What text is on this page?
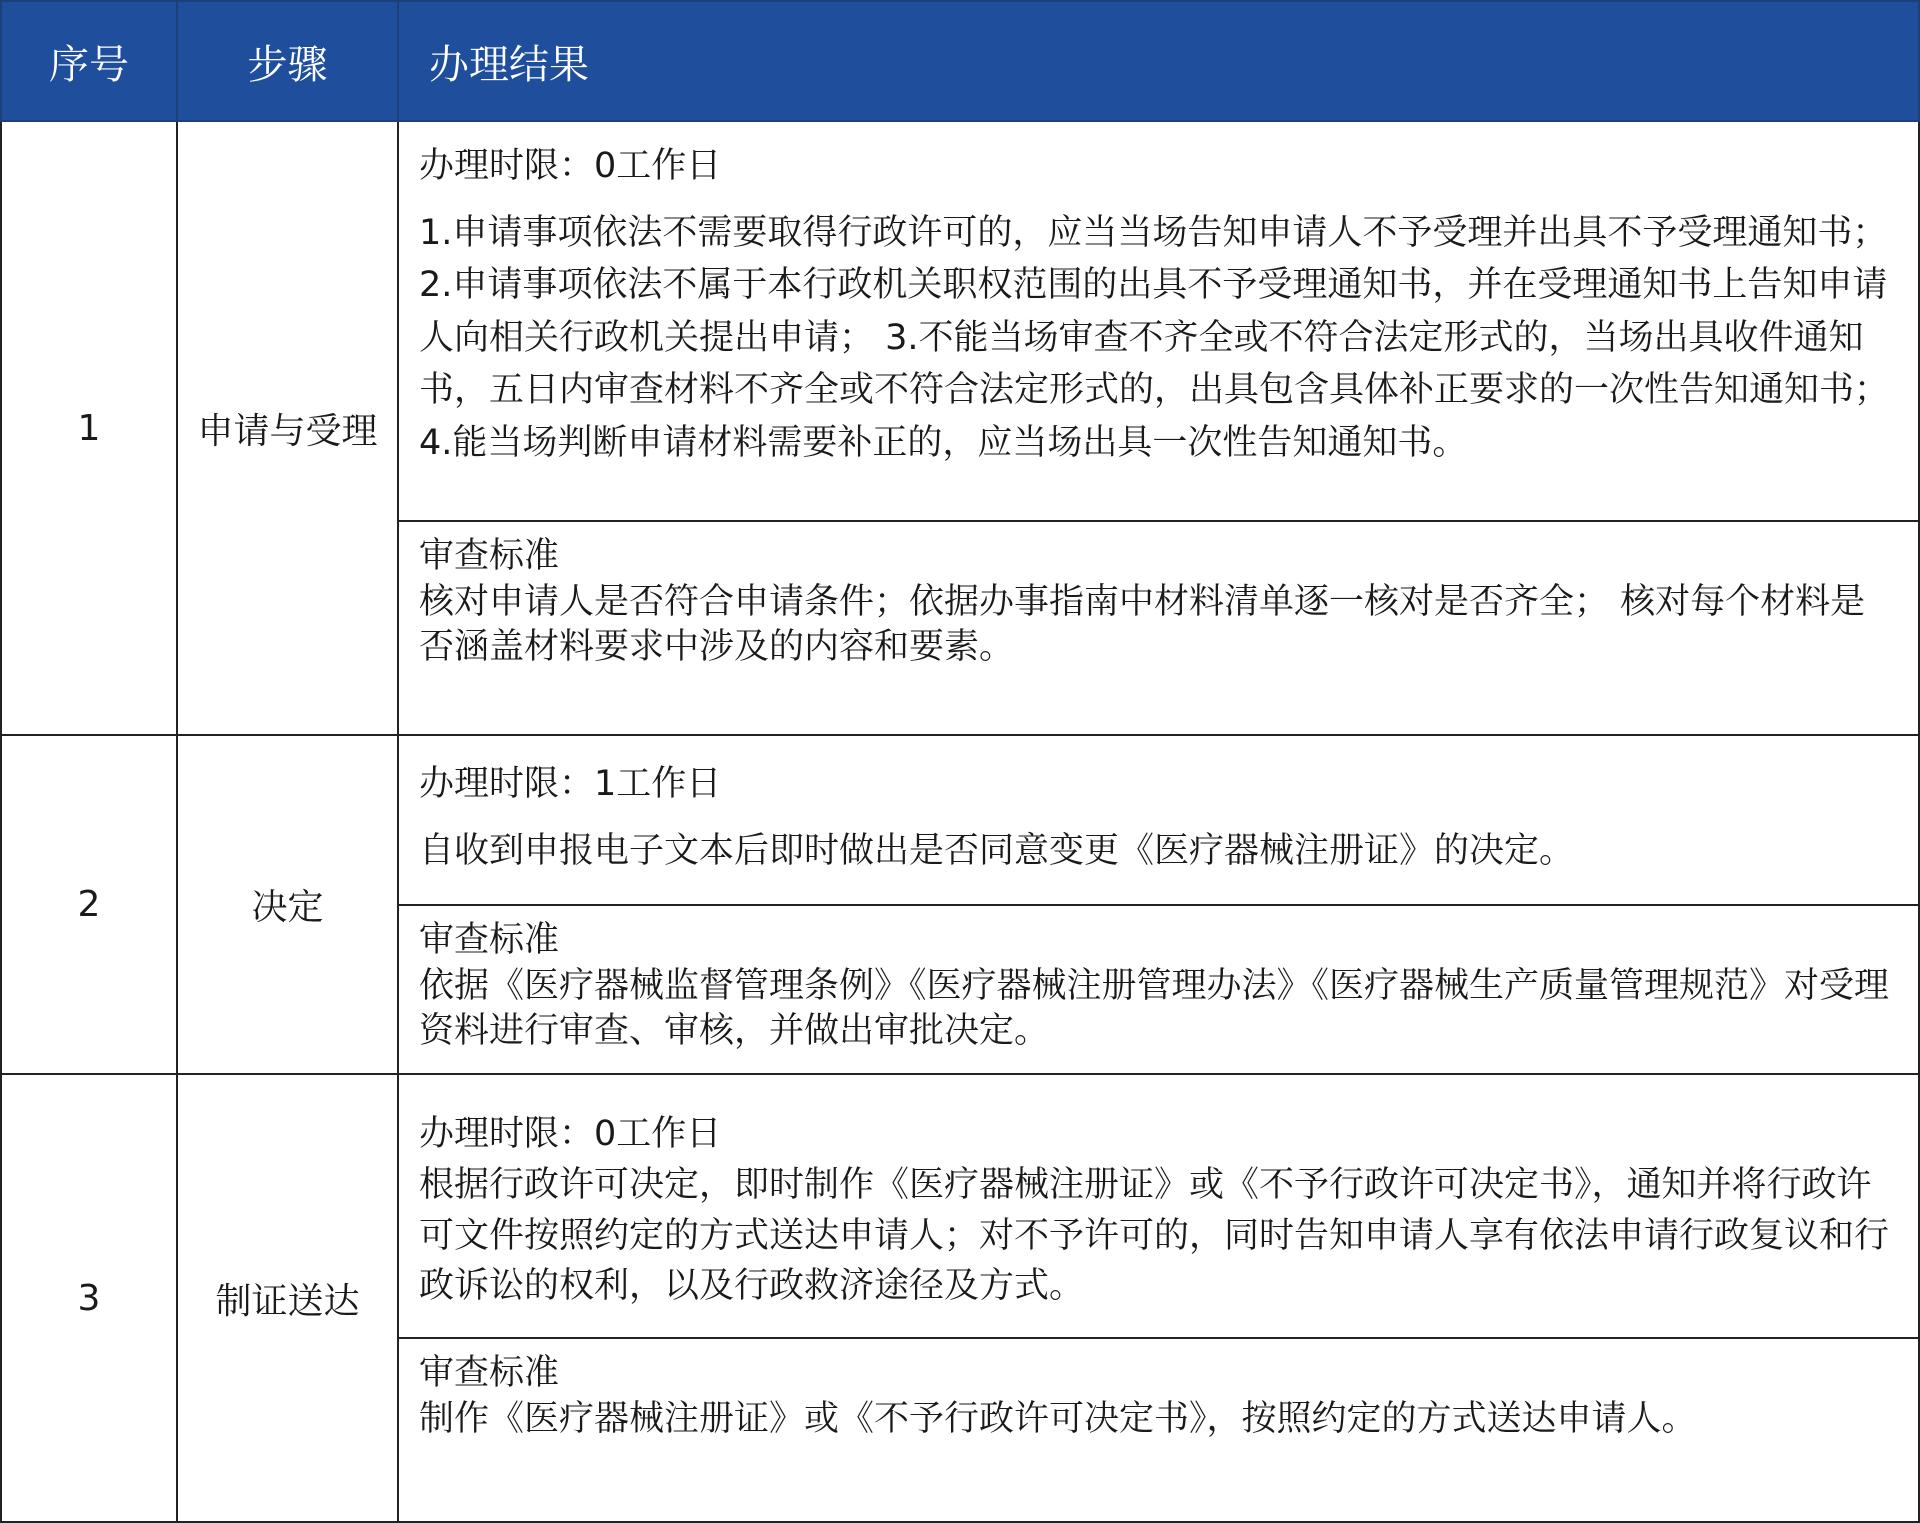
序号	步骤	办理结果
1	申请与受理	办理时限：0工作日
1.申请事项依法不需要取得行政许可的，应当当场告知申请人不予受理并出具不予受理通知书； 2.申请事项依法不属于本行政机关职权范围的出具不予受理通知书，并在受理通知书上告知申请人向相关行政机关提出申请； 3.不能当场审查不齐全或不符合法定形式的，当场出具收件通知书，五日内审查材料不齐全或不符合法定形式的，出具包含具体补正要求的一次性告知通知书； 4.能当场判断申请材料需要补正的，应当场出具一次性告知通知书。
审查标准
核对申请人是否符合申请条件；依据办事指南中材料清单逐一核对是否齐全； 核对每个材料是否涵盖材料要求中涉及的内容和要素。

2	决定	办理时限：1工作日
自收到申报电子文本后即时做出是否同意变更《医疗器械注册证》的决定。
审查标准
依据《医疗器械监督管理条例》《医疗器械注册管理办法》《医疗器械生产质量管理规范》对受理资料进行审查、审核，并做出审批决定。

3	制证送达	办理时限：0工作日
根据行政许可决定，即时制作《医疗器械注册证》或《不予行政许可决定书》，通知并将行政许可文件按照约定的方式送达申请人；对不予许可的，同时告知申请人享有依法申请行政复议和行政诉讼的权利，以及行政救济途径及方式。
审查标准
制作《医疗器械注册证》或《不予行政许可决定书》，按照约定的方式送达申请人。
